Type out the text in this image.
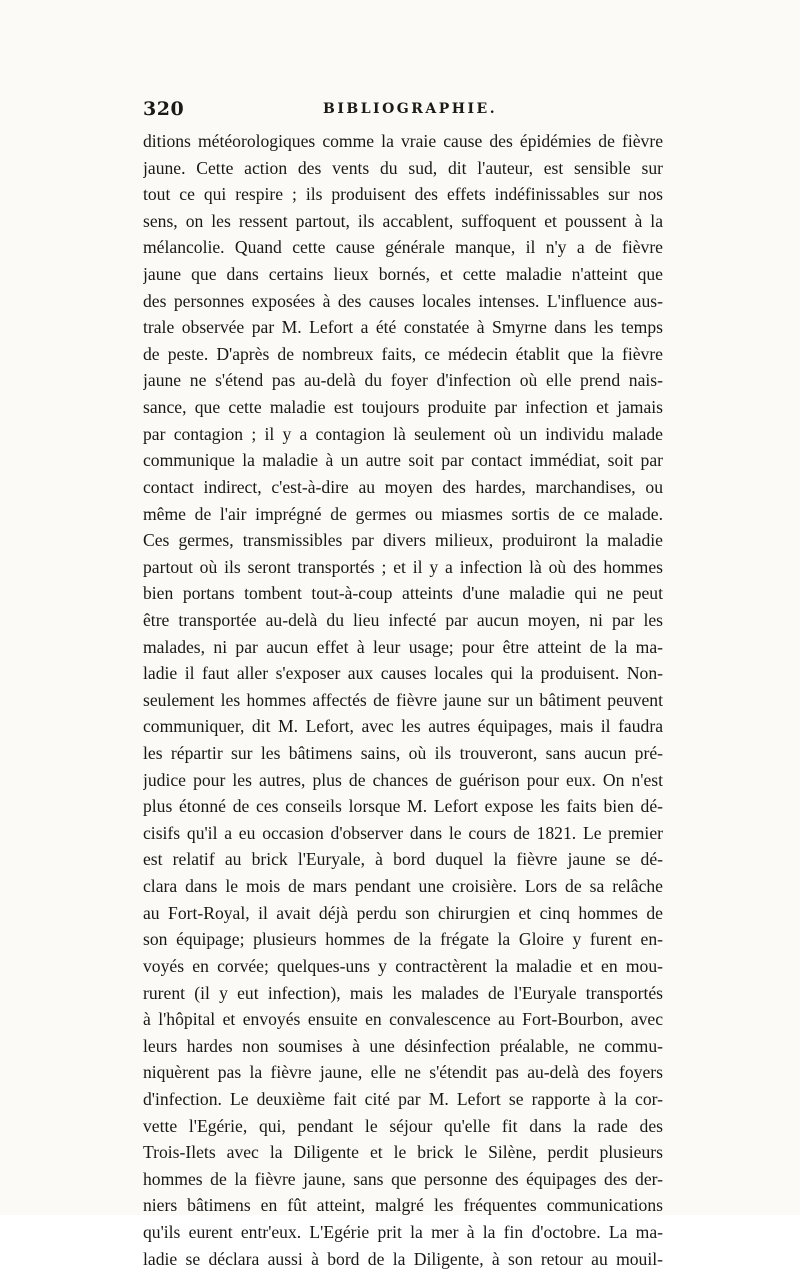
320	BIBLIOGRAPHIE.
ditions météorologiques comme la vraie cause des épidémies de fièvre
jaune. Cette action des vents du sud, dit l'auteur, est sensible sur
tout ce qui respire ; ils produisent des effets indéfinissables sur nos
sens, on les ressent partout, ils accablent, suffoquent et poussent à la
mélancolie. Quand cette cause générale manque, il n'y a de fièvre
jaune que dans certains lieux bornés, et cette maladie n'atteint que
des personnes exposées à des causes locales intenses. L'influence aus-
trale observée par M. Lefort a été constatée à Smyrne dans les temps
de peste. D'après de nombreux faits, ce médecin établit que la fièvre
jaune ne s'étend pas au-delà du foyer d'infection où elle prend nais-
sance, que cette maladie est toujours produite par infection et jamais
par contagion ; il y a contagion là seulement où un individu malade
communique la maladie à un autre soit par contact immédiat, soit par
contact indirect, c'est-à-dire au moyen des hardes, marchandises, ou
même de l'air imprégné de germes ou miasmes sortis de ce malade.
Ces germes, transmissibles par divers milieux, produiront la maladie
partout où ils seront transportés ; et il y a infection là où des hommes
bien portans tombent tout-à-coup atteints d'une maladie qui ne peut
être transportée au-delà du lieu infecté par aucun moyen, ni par les
malades, ni par aucun effet à leur usage; pour être atteint de la ma-
ladie il faut aller s'exposer aux causes locales qui la produisent. Non-
seulement les hommes affectés de fièvre jaune sur un bâtiment peuvent
communiquer, dit M. Lefort, avec les autres équipages, mais il faudra
les répartir sur les bâtimens sains, où ils trouveront, sans aucun pré-
judice pour les autres, plus de chances de guérison pour eux. On n'est
plus étonné de ces conseils lorsque M. Lefort expose les faits bien dé-
cisifs qu'il a eu occasion d'observer dans le cours de 1821. Le premier
est relatif au brick l'Euryale, à bord duquel la fièvre jaune se dé-
clara dans le mois de mars pendant une croisière. Lors de sa relâche
au Fort-Royal, il avait déjà perdu son chirurgien et cinq hommes de
son équipage; plusieurs hommes de la frégate la Gloire y furent en-
voyés en corvée; quelques-uns y contractèrent la maladie et en mou-
rurent (il y eut infection), mais les malades de l'Euryale transportés
à l'hôpital et envoyés ensuite en convalescence au Fort-Bourbon, avec
leurs hardes non soumises à une désinfection préalable, ne commu-
niquèrent pas la fièvre jaune, elle ne s'étendit pas au-delà des foyers
d'infection. Le deuxième fait cité par M. Lefort se rapporte à la cor-
vette l'Egérie, qui, pendant le séjour qu'elle fit dans la rade des
Trois-Ilets avec la Diligente et le brick le Silène, perdit plusieurs
hommes de la fièvre jaune, sans que personne des équipages des der-
niers bâtimens en fût atteint, malgré les fréquentes communications
qu'ils eurent entr'eux. L'Egérie prit la mer à la fin d'octobre. La ma-
ladie se déclara aussi à bord de la Diligente, à son retour au mouil-
